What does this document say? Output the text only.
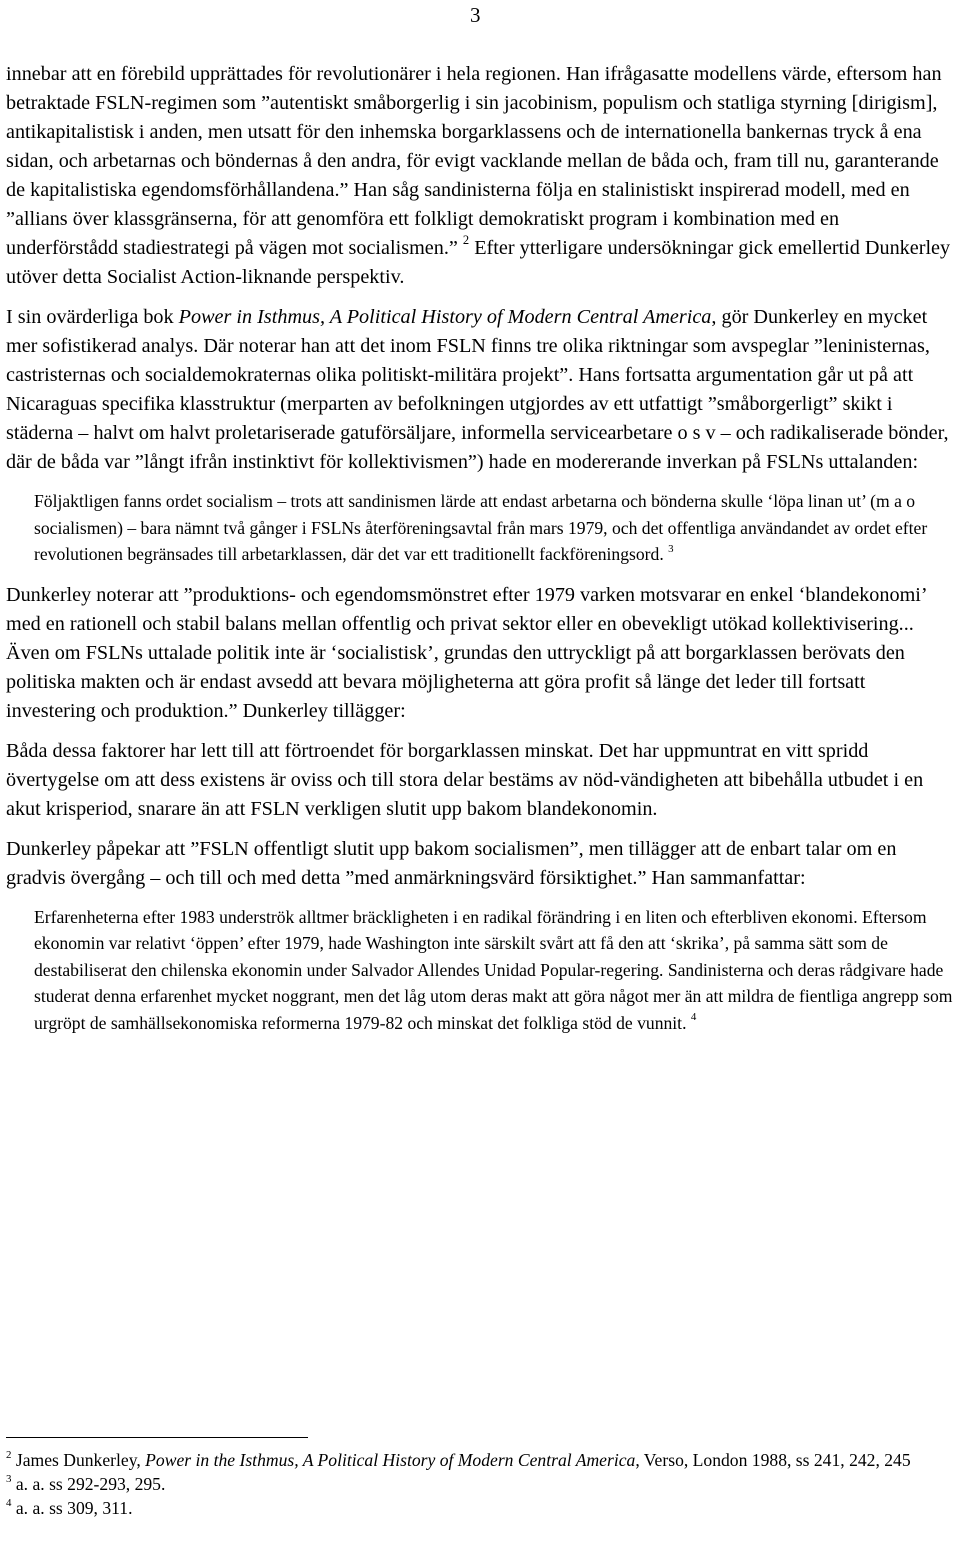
3

innebar att en förebild upprättades för revolutionärer i hela regionen. Han ifrågasatte modellens värde, eftersom han betraktade FSLN-regimen som ”autentiskt småborgerlig i sin jacobinism, populism och statliga styrning [dirigism], antikapitalistisk i anden, men utsatt för den inhemska borgarklassens och de internationella bankernas tryck å ena sidan, och arbetarnas och böndernas å den andra, för evigt vacklande mellan de båda och, fram till nu, garanterande de kapitalistiska egendomsförhållandena.” Han såg sandinisterna följa en stalinistiskt inspirerad modell, med en ”allians över klassgränserna, för att genomföra ett folkligt demokratiskt program i kombination med en underförstådd stadiestrategi på vägen mot socialismen.” $^2$ Efter ytterligare undersökningar gick emellertid Dunkerley utöver detta Socialist Action-liknande perspektiv.

I sin ovärderliga bok Power in Isthmus, A Political History of Modern Central America, gör Dunkerley en mycket mer sofistikerad analys. Där noterar han att det inom FSLN finns tre olika riktningar som avspeglar ”leninisternas, castristernas och socialdemokraternas olika politiskt-militära projekt”. Hans fortsatta argumentation går ut på att Nicaraguas specifika klasstruktur (merparten av befolkningen utgjordes av ett utfattigt ”småborgerligt” skikt i städerna – halvt om halvt proletariserade gatuförsäljare, informella servicearbetare o s v – och radikaliserade bönder, där de båda var ”långt ifrån instinktivt för kollektivismen”) hade en modererande inverkan på FSLNs uttalanden:

Följaktligen fanns ordet socialism – trots att sandinismen lärde att endast arbetarna och bönderna skulle ‘löpa linan ut’ (m a o socialismen) – bara nämnt två gånger i FSLNs återföreningsavtal från mars 1979, och det offentliga användandet av ordet efter revolutionen begränsades till arbetarklassen, där det var ett traditionellt fackföreningsord. $^3$

Dunkerley noterar att ”produktions- och egendomsmönstret efter 1979 varken motsvarar en enkel ‘blandekonomi’ med en rationell och stabil balans mellan offentlig och privat sektor eller en obevekligt utökad kollektivisering... Även om FSLNs uttalade politik inte är ‘socialistisk’, grundas den uttryckligt på att borgarklassen berövats den politiska makten och är endast avsedd att bevara möjligheterna att göra profit så länge det leder till fortsatt investering och produktion.” Dunkerley tillägger:

Båda dessa faktorer har lett till att förtroendet för borgarklassen minskat. Det har uppmuntrat en vitt spridd övertygelse om att dess existens är oviss och till stora delar bestäms av nöd-vändigheten att bibehålla utbudet i en akut krisperiod, snarare än att FSLN verkligen slutit upp bakom blandekonomin.

Dunkerley påpekar att ”FSLN offentligt slutit upp bakom socialismen”, men tillägger att de enbart talar om en gradvis övergång – och till och med detta ”med anmärkningsvärd försiktighet.” Han sammanfattar:

Erfarenheterna efter 1983 underströk alltmer bräckligheten i en radikal förändring i en liten och efterbliven ekonomi. Eftersom ekonomin var relativt ‘öppen’ efter 1979, hade Washington inte särskilt svårt att få den att ‘skrika’, på samma sätt som de destabiliserat den chilenska ekonomin under Salvador Allendes Unidad Popular-regering. Sandinisterna och deras rådgivare hade studerat denna erfarenhet mycket noggrant, men det låg utom deras makt att göra något mer än att mildra de fientliga angrepp som urgröpt de samhällsekonomiska reformerna 1979-82 och minskat det folkliga stöd de vunnit. $^4$

$^2$ James Dunkerley, Power in the Isthmus, A Political History of Modern Central America, Verso, London 1988, ss 241, 242, 245

$^3$ a. a. ss 292-293, 295.

$^4$ a. a. ss 309, 311.
